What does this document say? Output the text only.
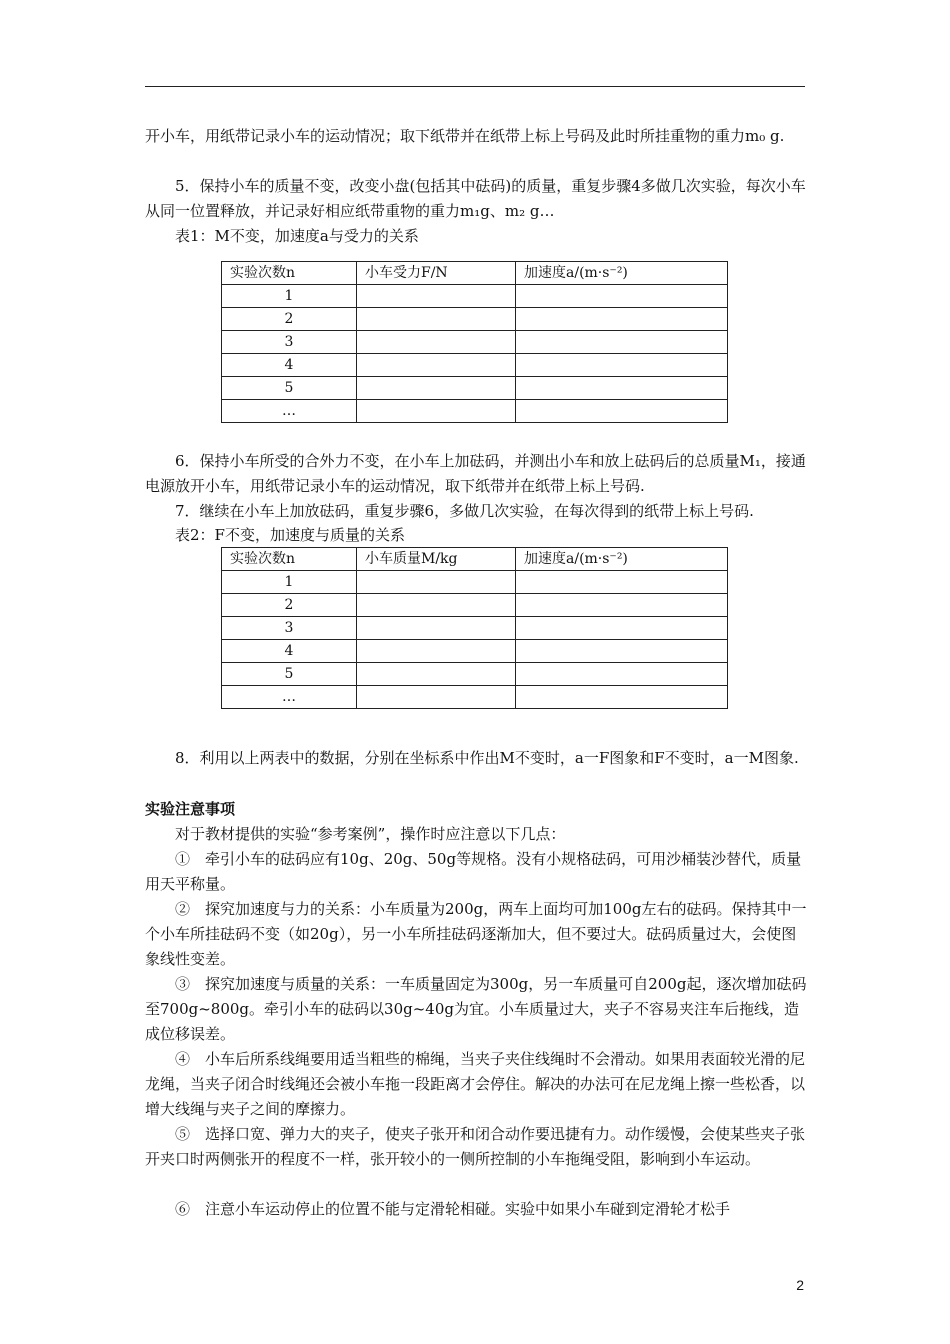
开小车，用纸带记录小车的运动情况；取下纸带并在纸带上标上号码及此时所挂重物的重力m₀ g.

5．保持小车的质量不变，改变小盘(包括其中砝码)的质量，重复步骤4多做几次实验，每次小车从同一位置释放，并记录好相应纸带重物的重力m₁g、m₂ g…

表1：M不变，加速度a与受力的关系

实验次数n	小车受力F/N	加速度a/(m·s⁻²)
1		
2		
3		
4		
5		
…		

6．保持小车所受的合外力不变，在小车上加砝码，并测出小车和放上砝码后的总质量M₁，接通电源放开小车，用纸带记录小车的运动情况，取下纸带并在纸带上标上号码.

7．继续在小车上加放砝码，重复步骤6，多做几次实验，在每次得到的纸带上标上号码.

表2：F不变，加速度与质量的关系

实验次数n	小车质量M/kg	加速度a/(m·s⁻²)
1		
2		
3		
4		
5		
…		

8．利用以上两表中的数据，分别在坐标系中作出M不变时，a一F图象和F不变时，a一M图象.

实验注意事项

对于教材提供的实验“参考案例”，操作时应注意以下几点：

①　牵引小车的砝码应有10g、20g、50g等规格。没有小规格砝码，可用沙桶装沙替代，质量用天平称量。

②　探究加速度与力的关系：小车质量为200g，两车上面均可加100g左右的砝码。保持其中一个小车所挂砝码不变（如20g），另一小车所挂砝码逐渐加大，但不要过大。砝码质量过大，会使图象线性变差。

③　探究加速度与质量的关系：一车质量固定为300g，另一车质量可自200g起，逐次增加砝码至700g~800g。牵引小车的砝码以30g~40g为宜。小车质量过大，夹子不容易夹注车后拖线，造成位移误差。

④　小车后所系线绳要用适当粗些的棉绳，当夹子夹住线绳时不会滑动。如果用表面较光滑的尼龙绳，当夹子闭合时线绳还会被小车拖一段距离才会停住。解决的办法可在尼龙绳上擦一些松香，以增大线绳与夹子之间的摩擦力。

⑤　选择口宽、弹力大的夹子，使夹子张开和闭合动作要迅捷有力。动作缓慢，会使某些夹子张开夹口时两侧张开的程度不一样，张开较小的一侧所控制的小车拖绳受阻，影响到小车运动。

⑥　注意小车运动停止的位置不能与定滑轮相碰。实验中如果小车碰到定滑轮才松手

2
